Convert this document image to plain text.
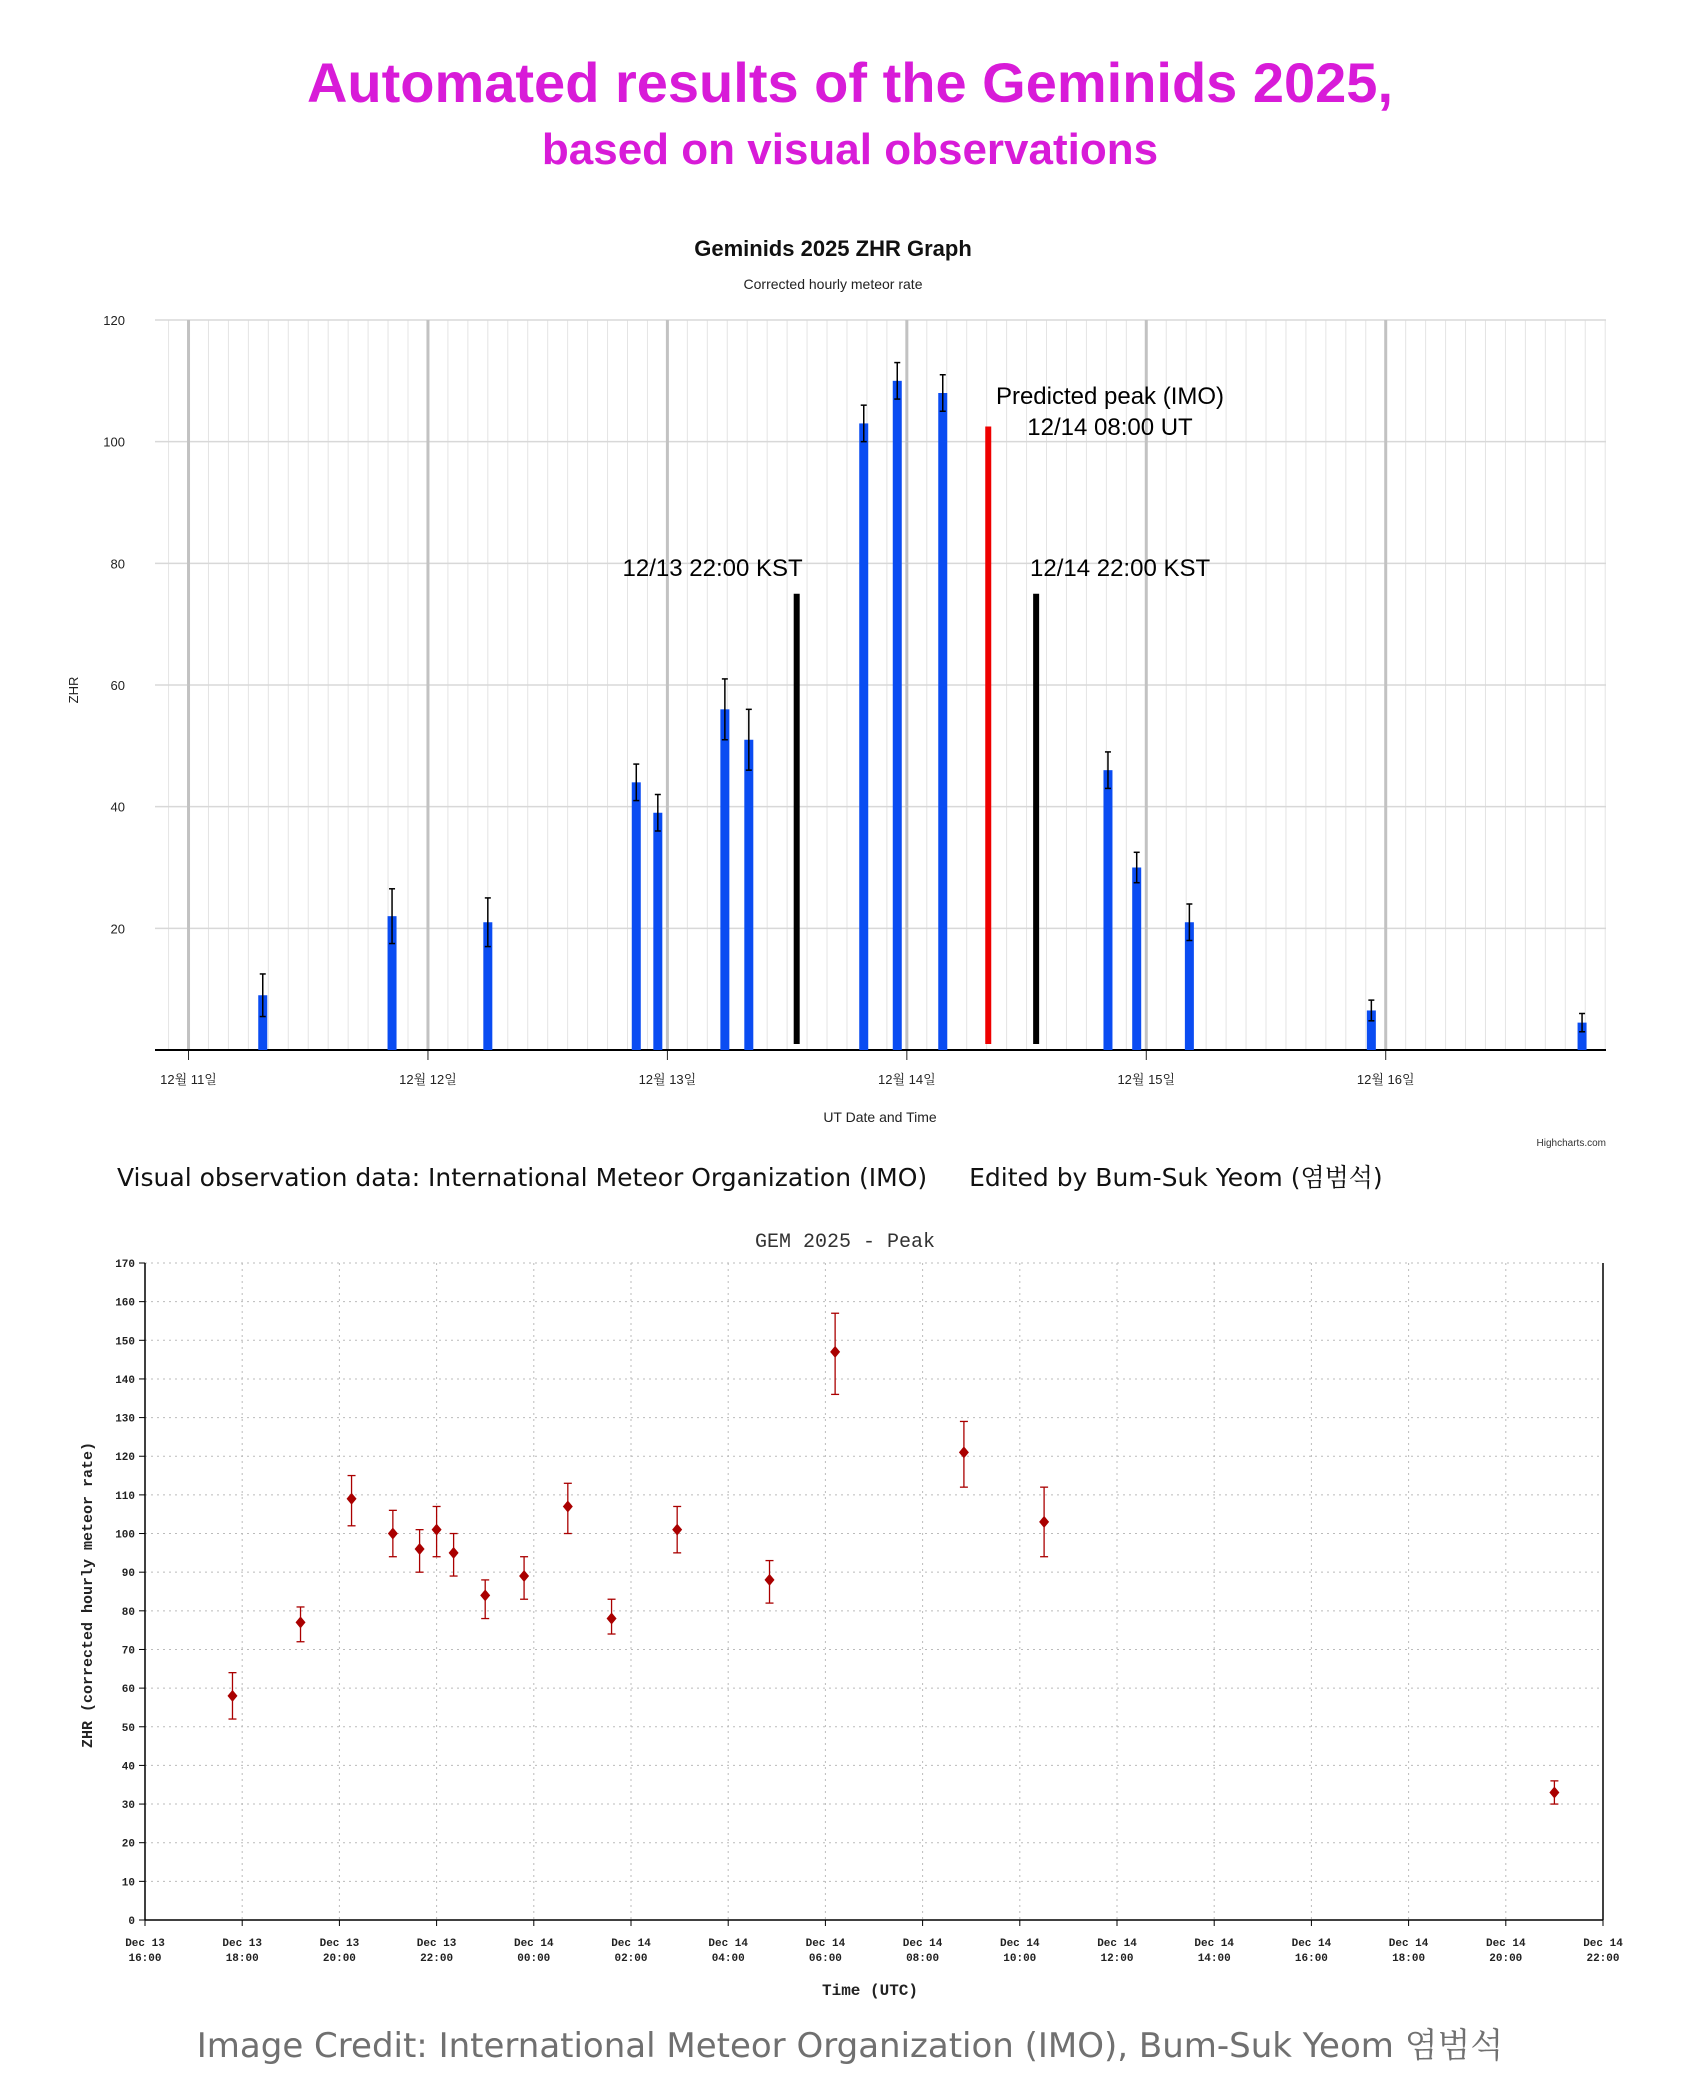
Automated results of the Geminids 2025,
based on visual observations
Geminids 2025 ZHR Graph
Corrected hourly meteor rate
20
40
60
80
100
120
12월 11일	12월 12일	12월 13일	12월 14일	12월 15일	12월 16일
12/13 22:00 KST
Predicted peak (IMO)
12/14 08:00 UT
12/14 22:00 KST
ZHR
UT Date and Time
Highcharts.com
Visual observation data: International Meteor Organization (IMO) Edited by Bum-Suk Yeom (염범석)
GEM 2025 - Peak
0
10
20
30
40
50
60
70
80
90
100
110
120
130
140
150
160
170
Dec 13
16:00
Dec 13
18:00
Dec 13
20:00
Dec 13
22:00
Dec 14
00:00
Dec 14
02:00
Dec 14
04:00
Dec 14
06:00
Dec 14
08:00
Dec 14
10:00
Dec 14
12:00
Dec 14
14:00
Dec 14
16:00
Dec 14
18:00
Dec 14
20:00
Dec 14
22:00
ZHR (corrected hourly meteor rate)
Time (UTC)
Image Credit: International Meteor Organization (IMO), Bum-Suk Yeom 염범석
